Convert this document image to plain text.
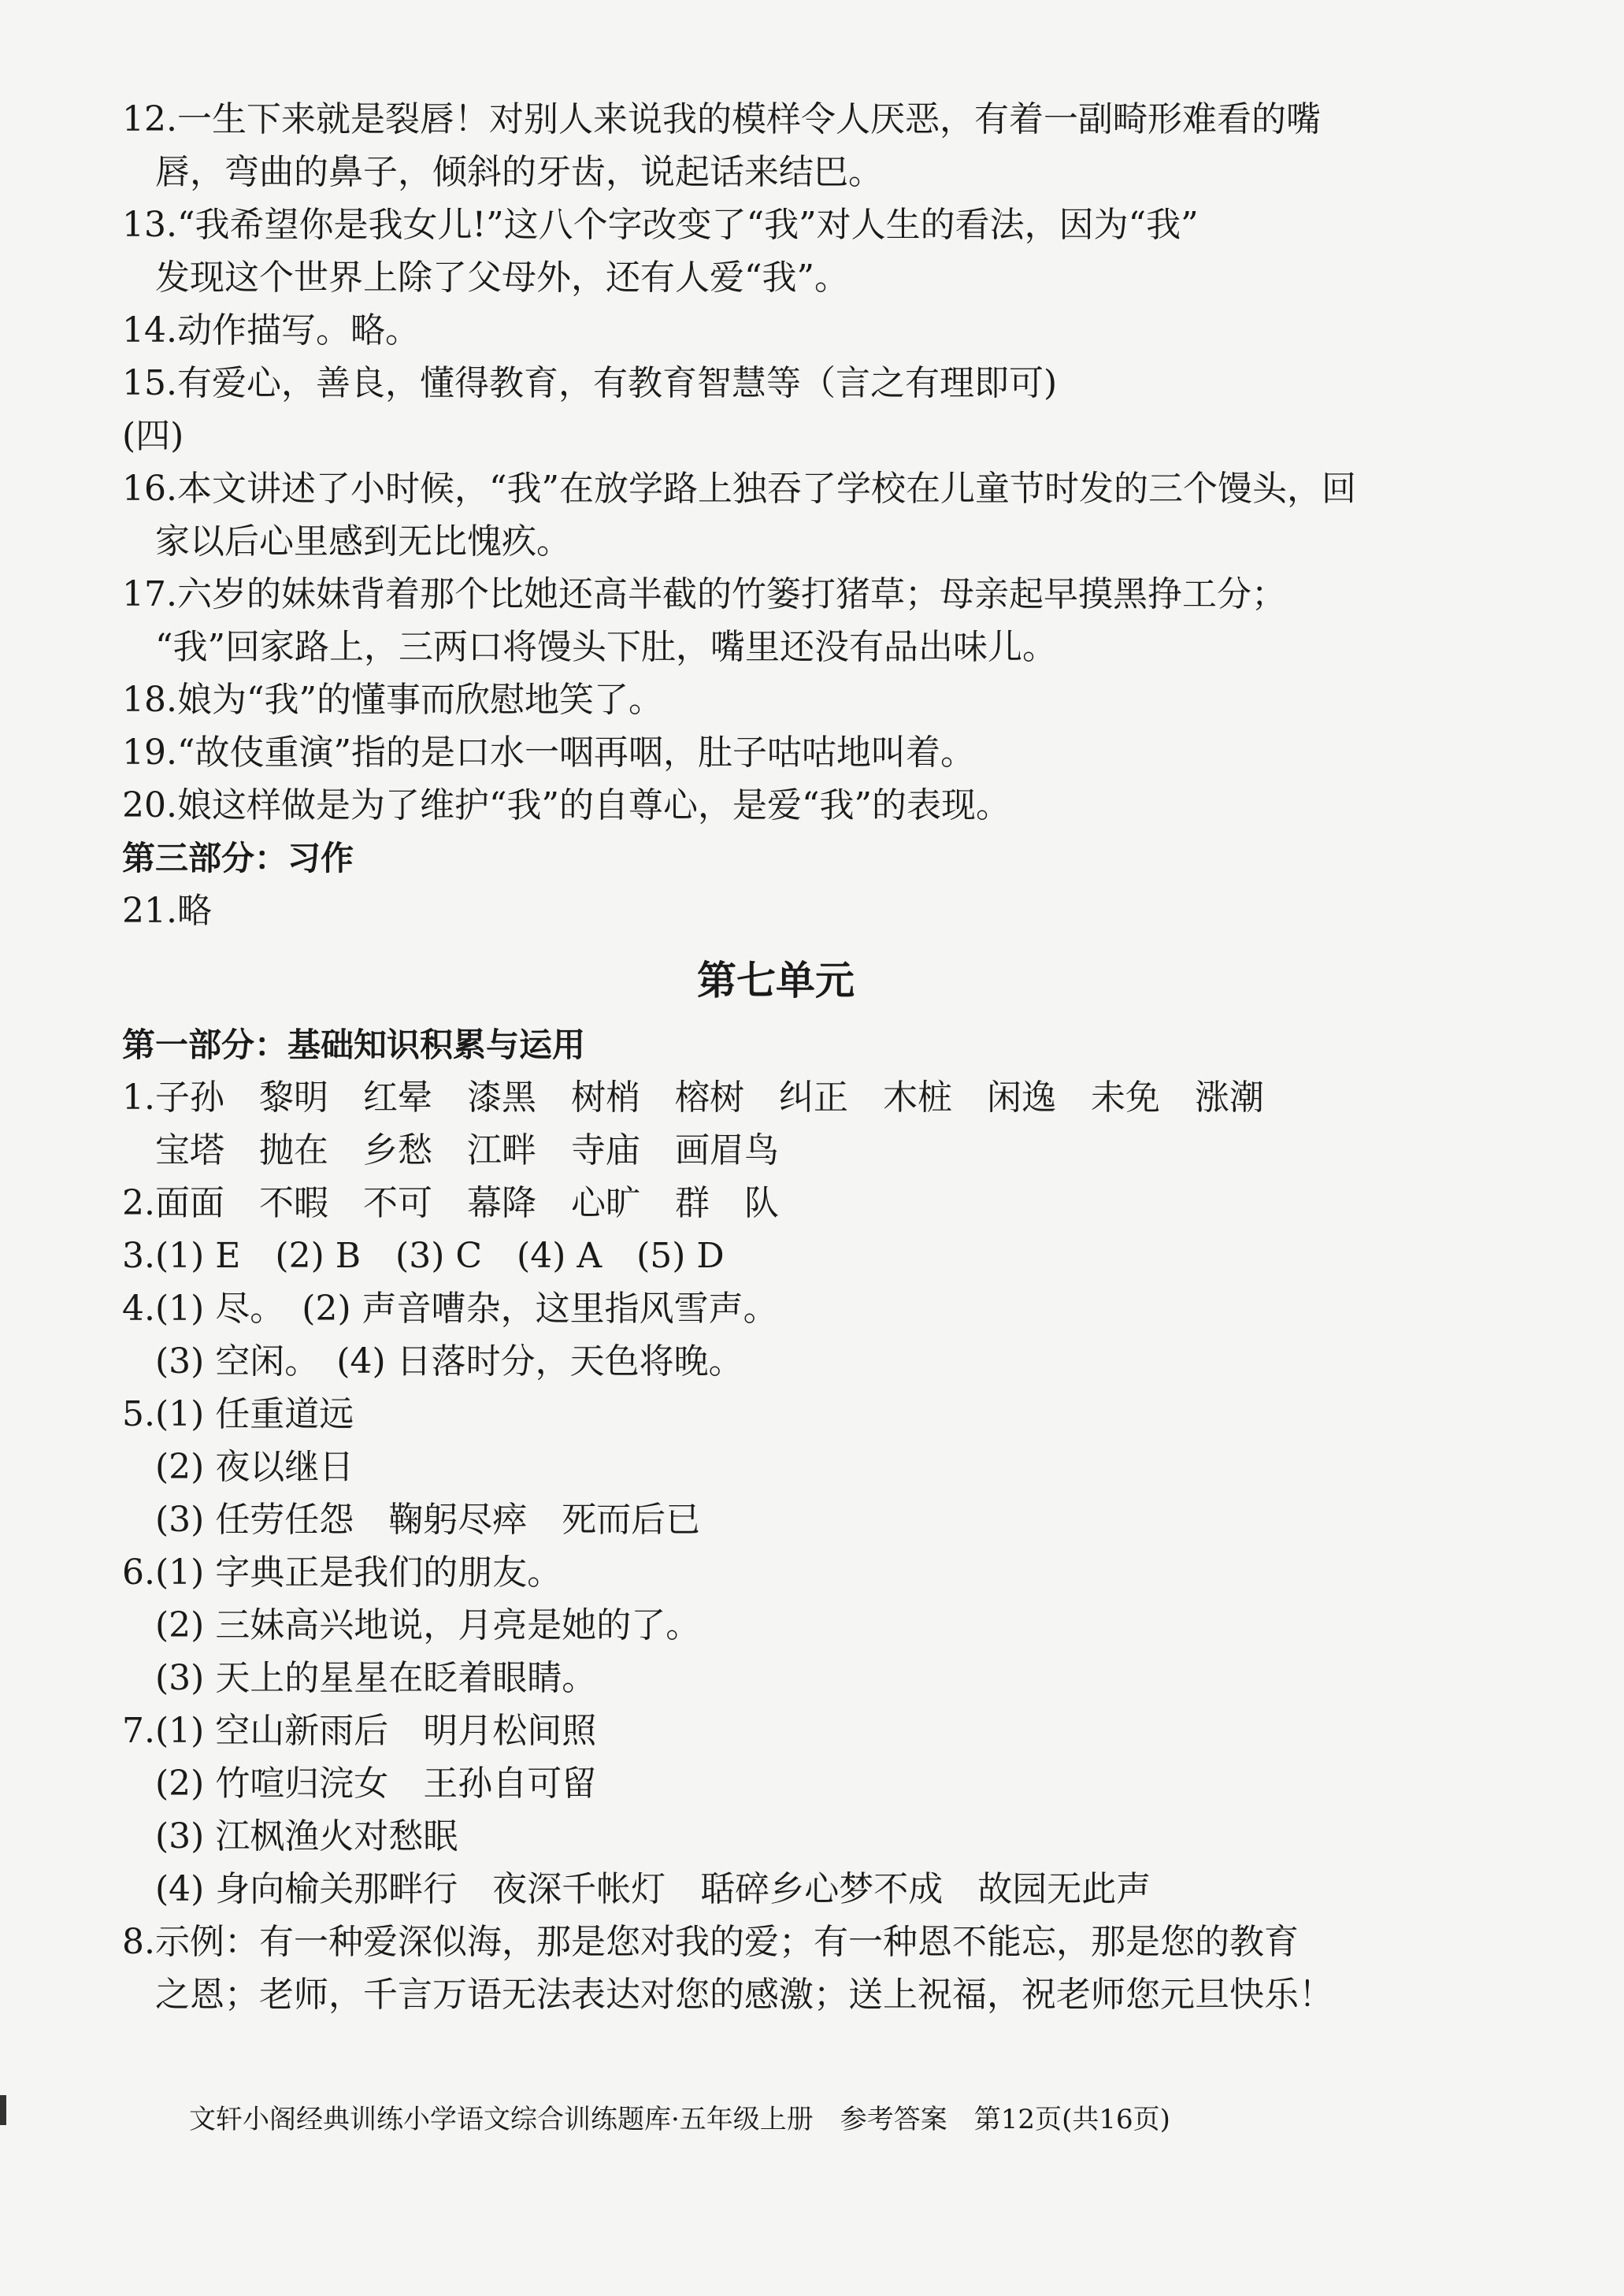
12.一生下来就是裂唇！对别人来说我的模样令人厌恶，有着一副畸形难看的嘴
唇，弯曲的鼻子，倾斜的牙齿，说起话来结巴。
13.“我希望你是我女儿!”这八个字改变了“我”对人生的看法，因为“我”
发现这个世界上除了父母外，还有人爱“我”。
14.动作描写。略。
15.有爱心，善良，懂得教育，有教育智慧等（言之有理即可)
(四)
16.本文讲述了小时候，“我”在放学路上独吞了学校在儿童节时发的三个馒头，回
家以后心里感到无比愧疚。
17.六岁的妹妹背着那个比她还高半截的竹篓打猪草；母亲起早摸黑挣工分；
“我”回家路上，三两口将馒头下肚，嘴里还没有品出味儿。
18.娘为“我”的懂事而欣慰地笑了。
19.“故伎重演”指的是口水一咽再咽，肚子咕咕地叫着。
20.娘这样做是为了维护“我”的自尊心，是爱“我”的表现。
第三部分：习作
21.略
第七单元
第一部分：基础知识积累与运用
1.子孙　黎明　红晕　漆黑　树梢　榕树　纠正　木桩　闲逸　未免　涨潮
宝塔　抛在　乡愁　江畔　寺庙　画眉鸟
2.面面　不暇　不可　幕降　心旷　群　队
3.(1) E　(2) B　(3) C　(4) A　(5) D
4.(1) 尽。　(2) 声音嘈杂，这里指风雪声。
(3) 空闲。　(4) 日落时分，天色将晚。
5.(1) 任重道远
(2) 夜以继日
(3) 任劳任怨　鞠躬尽瘁　死而后已
6.(1) 字典正是我们的朋友。
(2) 三妹高兴地说，月亮是她的了。
(3) 天上的星星在眨着眼睛。
7.(1) 空山新雨后　明月松间照
(2) 竹喧归浣女　王孙自可留
(3) 江枫渔火对愁眠
(4) 身向榆关那畔行　夜深千帐灯　聒碎乡心梦不成　故园无此声
8.示例：有一种爱深似海，那是您对我的爱；有一种恩不能忘，那是您的教育
之恩；老师，千言万语无法表达对您的感激；送上祝福，祝老师您元旦快乐！
文轩小阁经典训练小学语文综合训练题库·五年级上册　参考答案　第12页(共16页)
